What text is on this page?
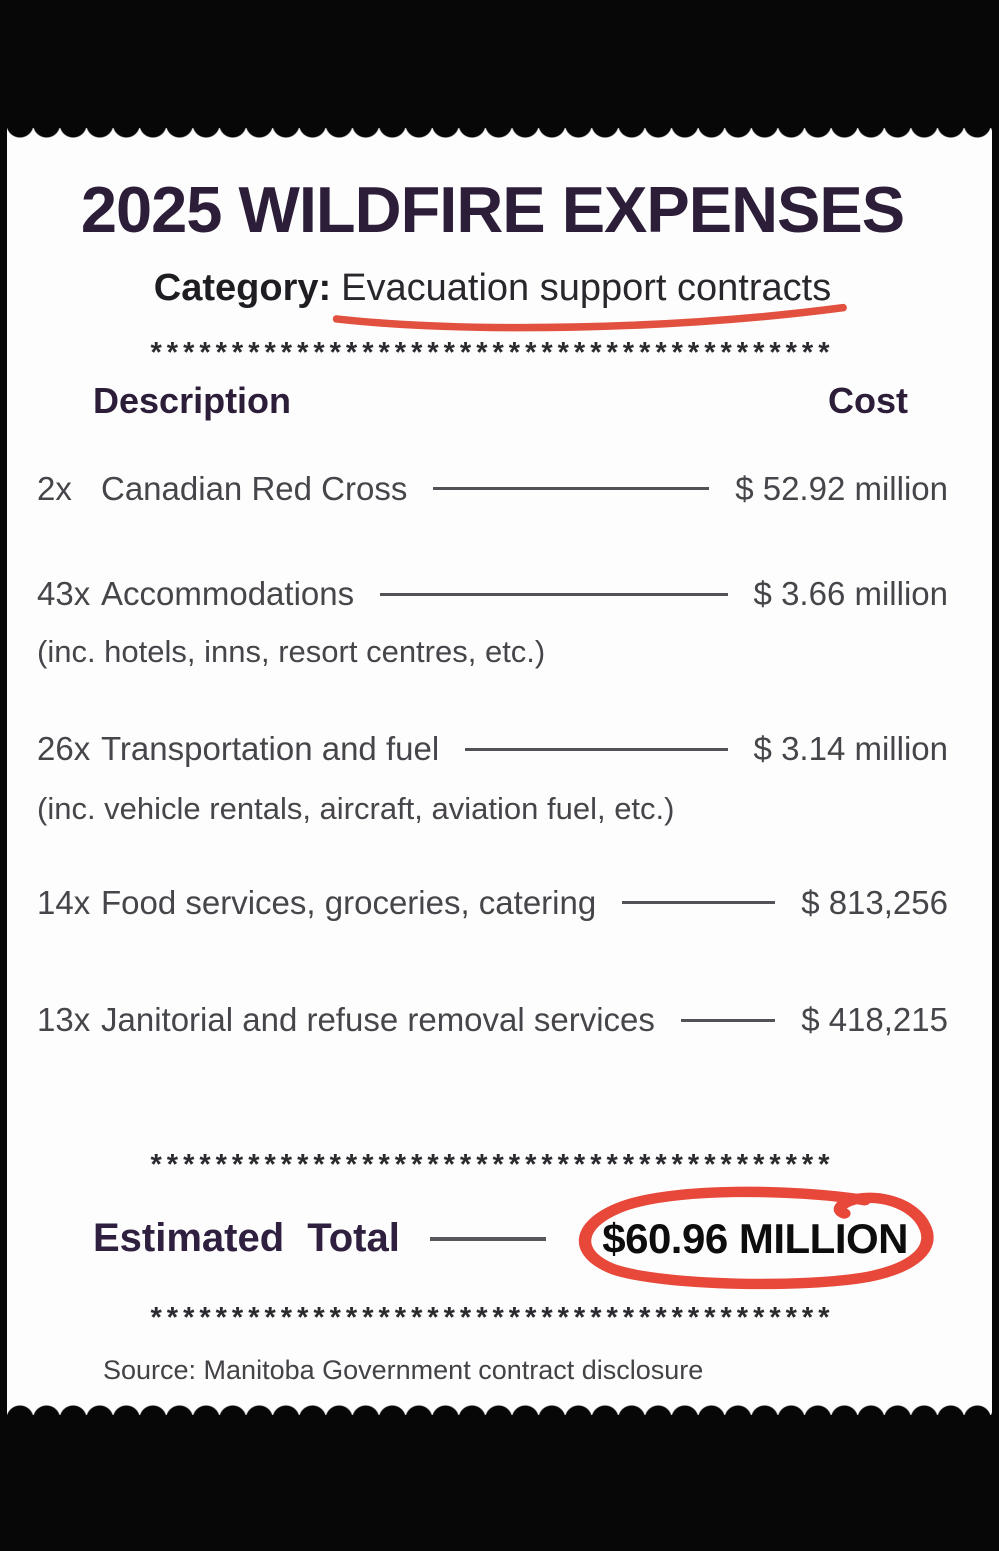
2025 WILDFIRE EXPENSES
Category: Evacuation support contracts
******************************************
Description	Cost
2x Canadian Red Cross	$ 52.92 million
43x Accommodations	$ 3.66 million
(inc. hotels, inns, resort centres, etc.)
26x Transportation and fuel	$ 3.14 million
(inc. vehicle rentals, aircraft, aviation fuel, etc.)
14x Food services, groceries, catering	$ 813,256
13x Janitorial and refuse removal services	$ 418,215
******************************************
Estimated Total	$60.96 MILLION
******************************************
Source: Manitoba Government contract disclosure
